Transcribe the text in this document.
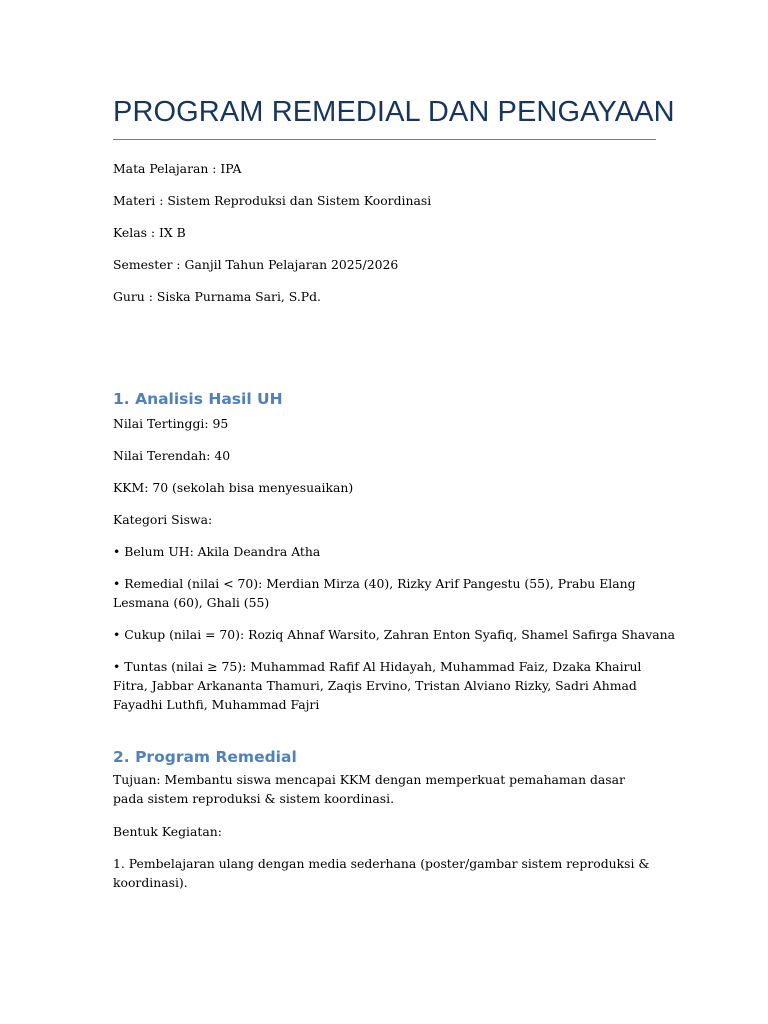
PROGRAM REMEDIAL DAN PENGAYAAN

Mata Pelajaran : IPA

Materi : Sistem Reproduksi dan Sistem Koordinasi

Kelas : IX B

Semester : Ganjil Tahun Pelajaran 2025/2026

Guru : Siska Purnama Sari, S.Pd.

1. Analisis Hasil UH

Nilai Tertinggi: 95

Nilai Terendah: 40

KKM: 70 (sekolah bisa menyesuaikan)

Kategori Siswa:

• Belum UH: Akila Deandra Atha

• Remedial (nilai < 70): Merdian Mirza (40), Rizky Arif Pangestu (55), Prabu Elang Lesmana (60), Ghali (55)

• Cukup (nilai = 70): Roziq Ahnaf Warsito, Zahran Enton Syafiq, Shamel Safirga Shavana

• Tuntas (nilai ≥ 75): Muhammad Rafif Al Hidayah, Muhammad Faiz, Dzaka Khairul Fitra, Jabbar Arkananta Thamuri, Zaqis Ervino, Tristan Alviano Rizky, Sadri Ahmad Fayadhi Luthfi, Muhammad Fajri

2. Program Remedial

Tujuan: Membantu siswa mencapai KKM dengan memperkuat pemahaman dasar pada sistem reproduksi & sistem koordinasi.

Bentuk Kegiatan:

1. Pembelajaran ulang dengan media sederhana (poster/gambar sistem reproduksi & koordinasi).
